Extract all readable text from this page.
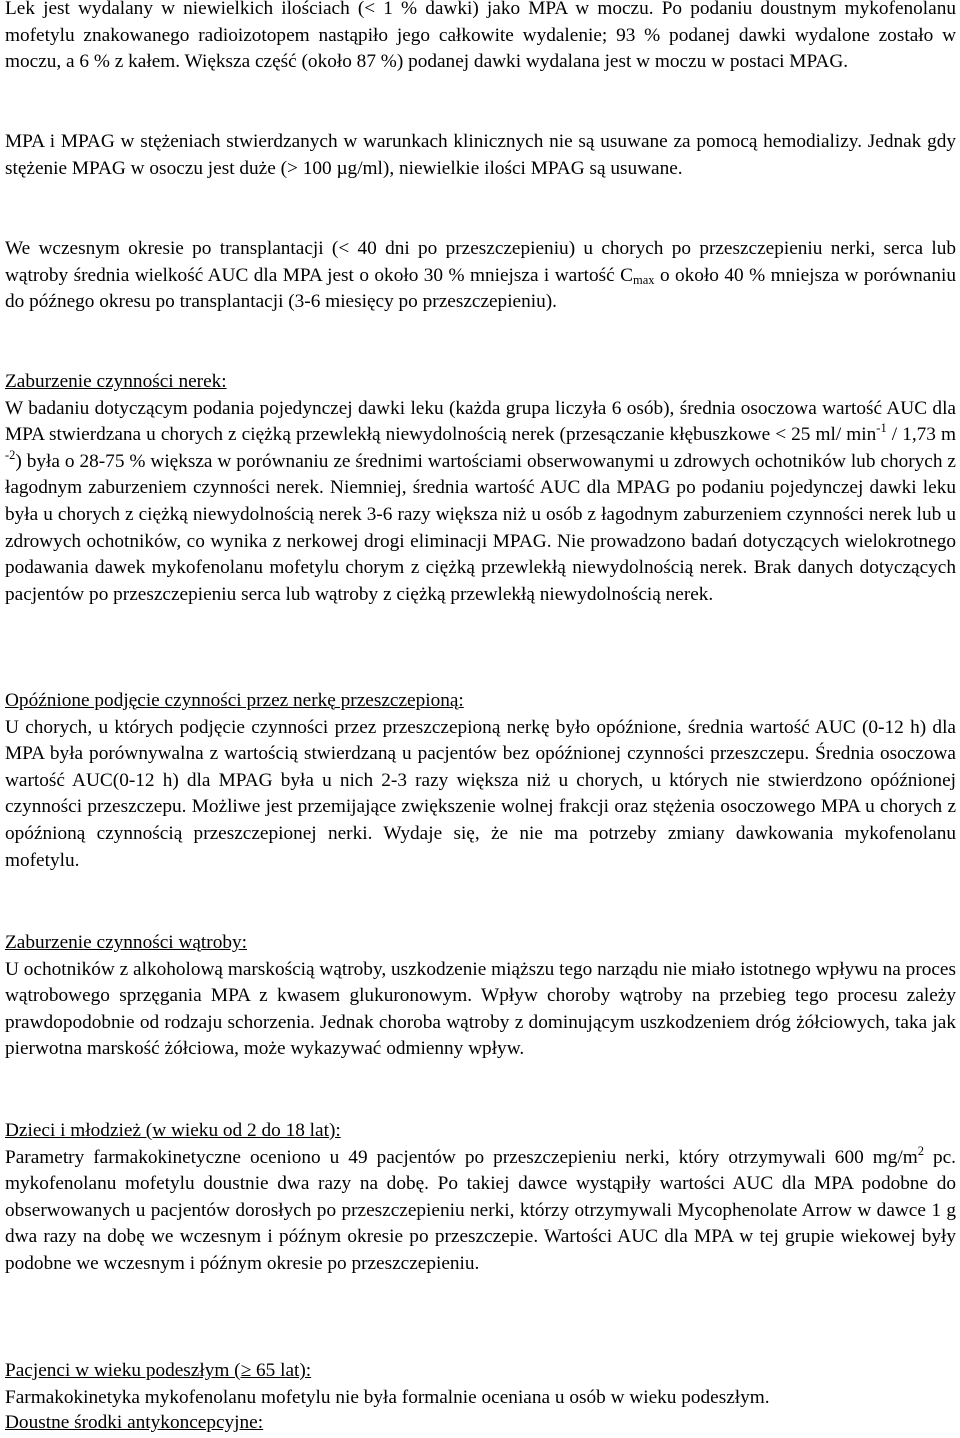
Lek jest wydalany w niewielkich ilościach (< 1 % dawki) jako MPA w moczu. Po podaniu doustnym mykofenolanu mofetylu znakowanego radioizotopem nastąpiło jego całkowite wydalenie; 93 % podanej dawki wydalone zostało w moczu, a 6 % z kałem. Większa część (około 87 %) podanej dawki wydalana jest w moczu w postaci MPAG.

MPA i MPAG w stężeniach stwierdzanych w warunkach klinicznych nie są usuwane za pomocą hemodializy. Jednak gdy stężenie MPAG w osoczu jest duże (> 100 µg/ml), niewielkie ilości MPAG są usuwane.

We wczesnym okresie po transplantacji (< 40 dni po przeszczepieniu) u chorych po przeszczepieniu nerki, serca lub wątroby średnia wielkość AUC dla MPA jest o około 30 % mniejsza i wartość $C_{max}$ o około 40 % mniejsza w porównaniu do późnego okresu po transplantacji (3-6 miesięcy po przeszczepieniu).

Zaburzenie czynności nerek:
W badaniu dotyczącym podania pojedynczej dawki leku (każda grupa liczyła 6 osób), średnia osoczowa wartość AUC dla MPA stwierdzana u chorych z ciężką przewlekłą niewydolnością nerek (przesączanie kłębuszkowe < 25 ml/ $\min^{-1} / 1,73$ m $^{-2}$) była o 28-75 % większa w porównaniu ze średnimi wartościami obserwowanymi u zdrowych ochotników lub chorych z łagodnym zaburzeniem czynności nerek. Niemniej, średnia wartość AUC dla MPAG po podaniu pojedynczej dawki leku była u chorych z ciężką niewydolnością nerek 3-6 razy większa niż u osób z łagodnym zaburzeniem czynności nerek lub u zdrowych ochotników, co wynika z nerkowej drogi eliminacji MPAG. Nie prowadzono badań dotyczących wielokrotnego podawania dawek mykofenolanu mofetylu chorym z ciężką przewlekłą niewydolnością nerek. Brak danych dotyczących pacjentów po przeszczepieniu serca lub wątroby z ciężką przewlekłą niewydolnością nerek.

Opóźnione podjęcie czynności przez nerkę przeszczepioną:
U chorych, u których podjęcie czynności przez przeszczepioną nerkę było opóźnione, średnia wartość AUC (0-12 h) dla MPA była porównywalna z wartością stwierdzaną u pacjentów bez opóźnionej czynności przeszczepu. Średnia osoczowa wartość AUC(0-12 h) dla MPAG była u nich 2-3 razy większa niż u chorych, u których nie stwierdzono opóźnionej czynności przeszczepu. Możliwe jest przemijające zwiększenie wolnej frakcji oraz stężenia osoczowego MPA u chorych z opóźnioną czynnością przeszczepionej nerki. Wydaje się, że nie ma potrzeby zmiany dawkowania mykofenolanu mofetylu.

Zaburzenie czynności wątroby:
U ochotników z alkoholową marskością wątroby, uszkodzenie miąższu tego narządu nie miało istotnego wpływu na proces wątrobowego sprzęgania MPA z kwasem glukuronowym. Wpływ choroby wątroby na przebieg tego procesu zależy prawdopodobnie od rodzaju schorzenia. Jednak choroba wątroby z dominującym uszkodzeniem dróg żółciowych, taka jak pierwotna marskość żółciowa, może wykazywać odmienny wpływ.

Dzieci i młodzież (w wieku od 2 do 18 lat):
Parametry farmakokinetyczne oceniono u 49 pacjentów po przeszczepieniu nerki, który otrzymywali 600 $mg/m^2$ pc. mykofenolanu mofetylu doustnie dwa razy na dobę. Po takiej dawce wystąpiły wartości AUC dla MPA podobne do obserwowanych u pacjentów dorosłych po przeszczepieniu nerki, którzy otrzymywali Mycophenolate Arrow w dawce 1 g dwa razy na dobę we wczesnym i późnym okresie po przeszczepie. Wartości AUC dla MPA w tej grupie wiekowej były podobne we wczesnym i późnym okresie po przeszczepieniu.

Pacjenci w wieku podeszłym (≥ 65 lat):
Farmakokinetyka mykofenolanu mofetylu nie była formalnie oceniana u osób w wieku podeszłym.

Doustne środki antykoncepcyjne:
